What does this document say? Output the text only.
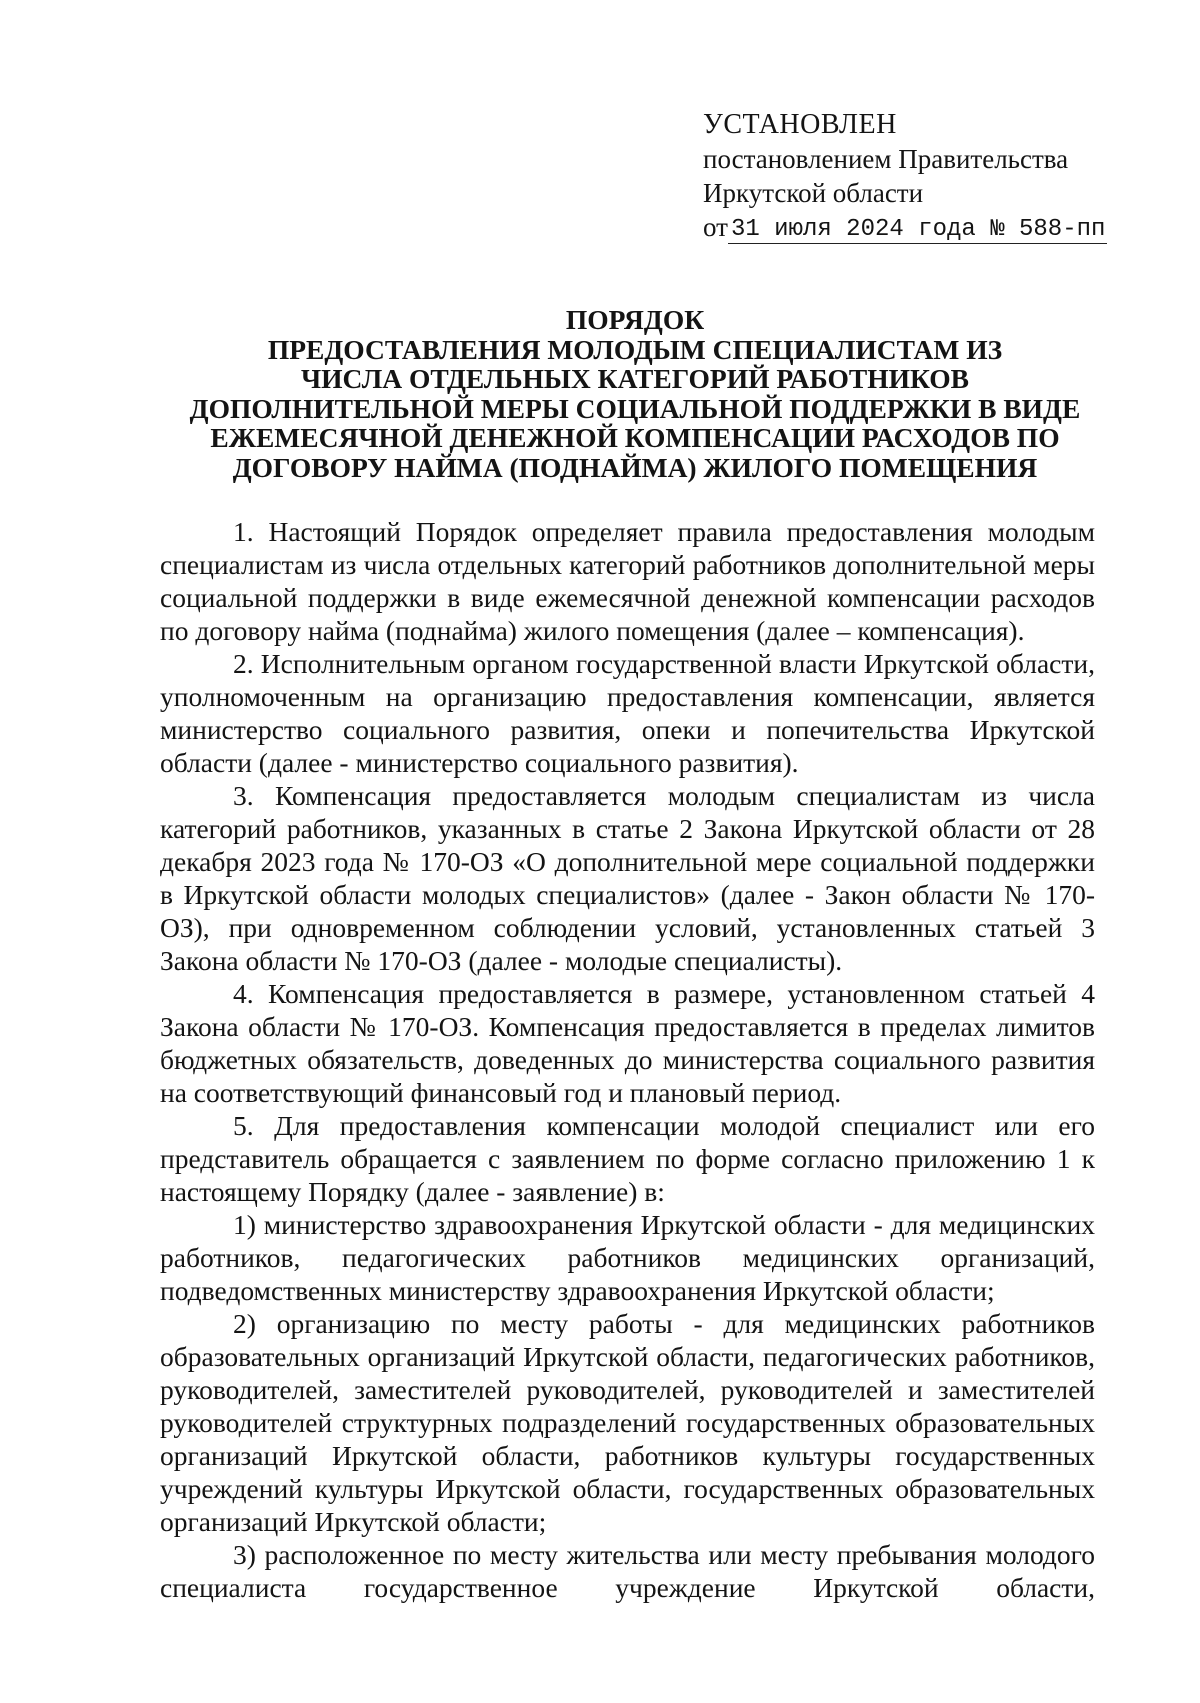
УСТАНОВЛЕН
постановлением Правительства
Иркутской области
от 31 июля 2024 года № 588-пп
ПОРЯДОК
ПРЕДОСТАВЛЕНИЯ МОЛОДЫМ СПЕЦИАЛИСТАМ ИЗ
ЧИСЛА ОТДЕЛЬНЫХ КАТЕГОРИЙ РАБОТНИКОВ
ДОПОЛНИТЕЛЬНОЙ МЕРЫ СОЦИАЛЬНОЙ ПОДДЕРЖКИ В ВИДЕ
ЕЖЕМЕСЯЧНОЙ ДЕНЕЖНОЙ КОМПЕНСАЦИИ РАСХОДОВ ПО
ДОГОВОРУ НАЙМА (ПОДНАЙМА) ЖИЛОГО ПОМЕЩЕНИЯ

1. Настоящий Порядок определяет правила предоставления молодым специалистам из числа отдельных категорий работников дополнительной меры социальной поддержки в виде ежемесячной денежной компенсации расходов по договору найма (поднайма) жилого помещения (далее – компенсация).

2. Исполнительным органом государственной власти Иркутской области, уполномоченным на организацию предоставления компенсации, является министерство социального развития, опеки и попечительства Иркутской области (далее - министерство социального развития).

3. Компенсация предоставляется молодым специалистам из числа категорий работников, указанных в статье 2 Закона Иркутской области от 28 декабря 2023 года № 170-ОЗ «О дополнительной мере социальной поддержки в Иркутской области молодых специалистов» (далее - Закон области № 170-ОЗ), при одновременном соблюдении условий, установленных статьей 3 Закона области № 170-ОЗ (далее - молодые специалисты).

4. Компенсация предоставляется в размере, установленном статьей 4 Закона области № 170-ОЗ. Компенсация предоставляется в пределах лимитов бюджетных обязательств, доведенных до министерства социального развития на соответствующий финансовый год и плановый период.

5. Для предоставления компенсации молодой специалист или его представитель обращается с заявлением по форме согласно приложению 1 к настоящему Порядку (далее - заявление) в:

1) министерство здравоохранения Иркутской области - для медицинских работников, педагогических работников медицинских организаций, подведомственных министерству здравоохранения Иркутской области;

2) организацию по месту работы - для медицинских работников образовательных организаций Иркутской области, педагогических работников, руководителей, заместителей руководителей, руководителей и заместителей руководителей структурных подразделений государственных образовательных организаций Иркутской области, работников культуры государственных учреждений культуры Иркутской области, государственных образовательных организаций Иркутской области;

3) расположенное по месту жительства или месту пребывания молодого специалиста государственное учреждение Иркутской области,
